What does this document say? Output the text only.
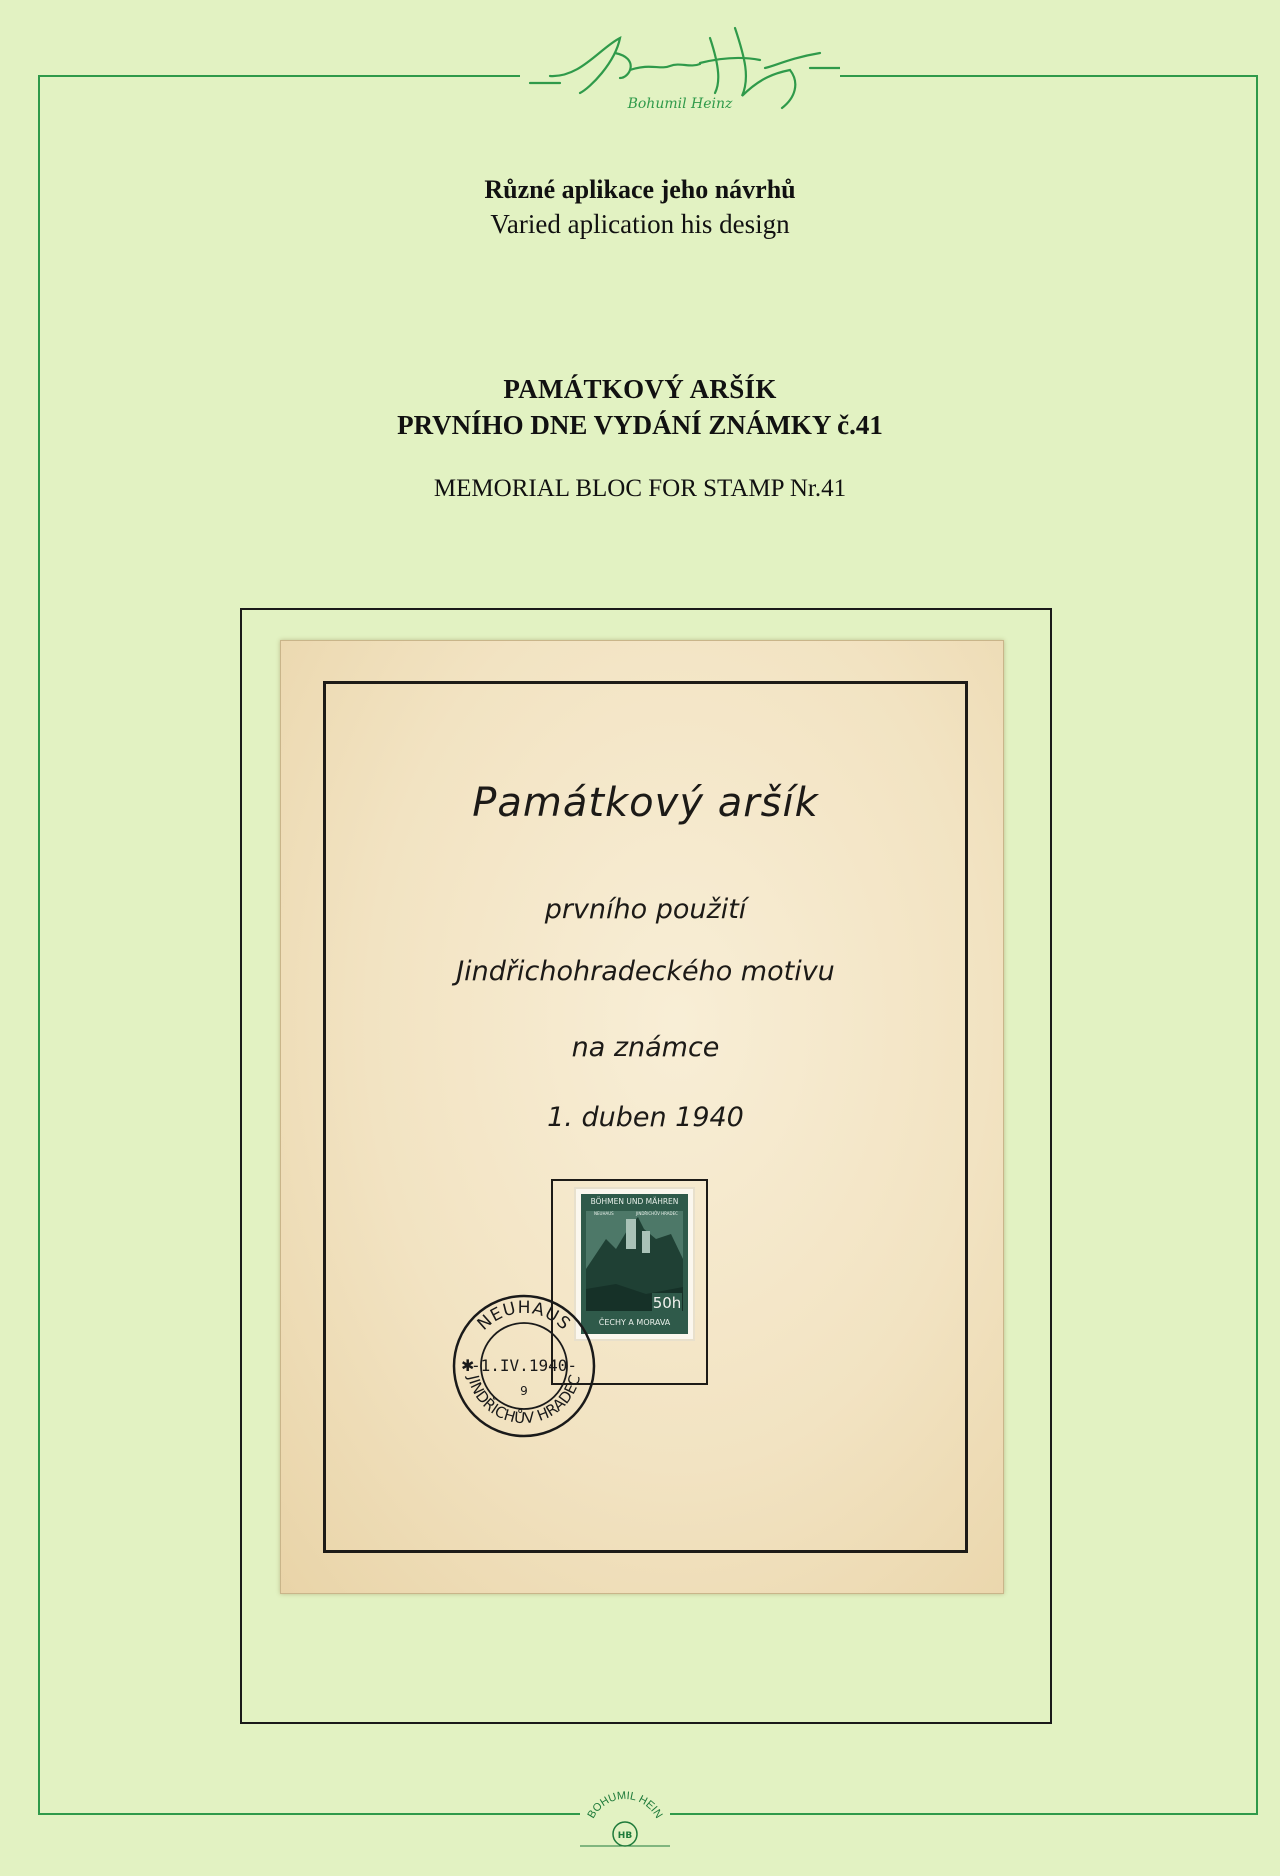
Bohumil Heinz
Různé aplikace jeho návrhů
Varied aplication his design
PAMÁTKOVÝ ARŠÍK
PRVNÍHO DNE VYDÁNÍ ZNÁMKY č.41
MEMORIAL BLOC FOR STAMP Nr.41
Památkový aršík
prvního použití
Jindřichohradeckého motivu
na známce
1. duben 1940
BÖHMEN UND MÄHREN
NEUHAUS	JINDŘICHŮV HRADEC
50h
ČECHY A MORAVA
NEUHAUS
JINDŘICHŮV HRADEC
-1.IV.1940-
9
✱
BOHUMIL HEIN
HB
